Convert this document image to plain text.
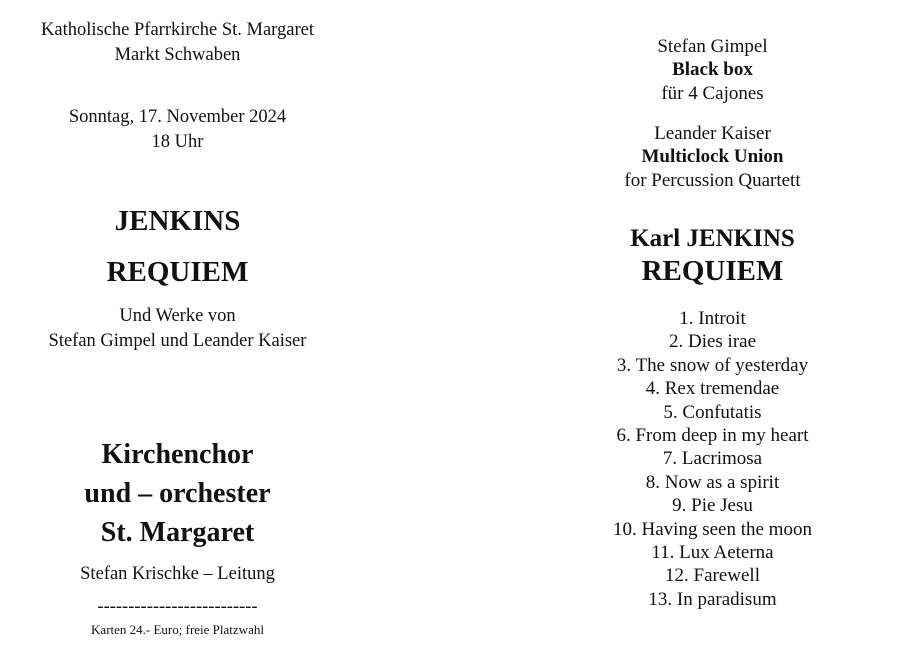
Katholische Pfarrkirche St. Margaret
Markt Schwaben
Sonntag, 17. November 2024
18 Uhr
JENKINS
REQUIEM
Und Werke von
Stefan Gimpel und Leander Kaiser
Kirchenchor
und – orchester
St. Margaret
Stefan Krischke – Leitung
--------------------------
Karten 24.- Euro; freie Platzwahl
Stefan Gimpel
Black box
für 4 Cajones
Leander Kaiser
Multiclock Union
for Percussion Quartett
Karl JENKINS
REQUIEM
1. Introit
2. Dies irae
3. The snow of yesterday
4. Rex tremendae
5. Confutatis
6. From deep in my heart
7. Lacrimosa
8. Now as a spirit
9. Pie Jesu
10. Having seen the moon
11. Lux Aeterna
12. Farewell
13. In paradisum
